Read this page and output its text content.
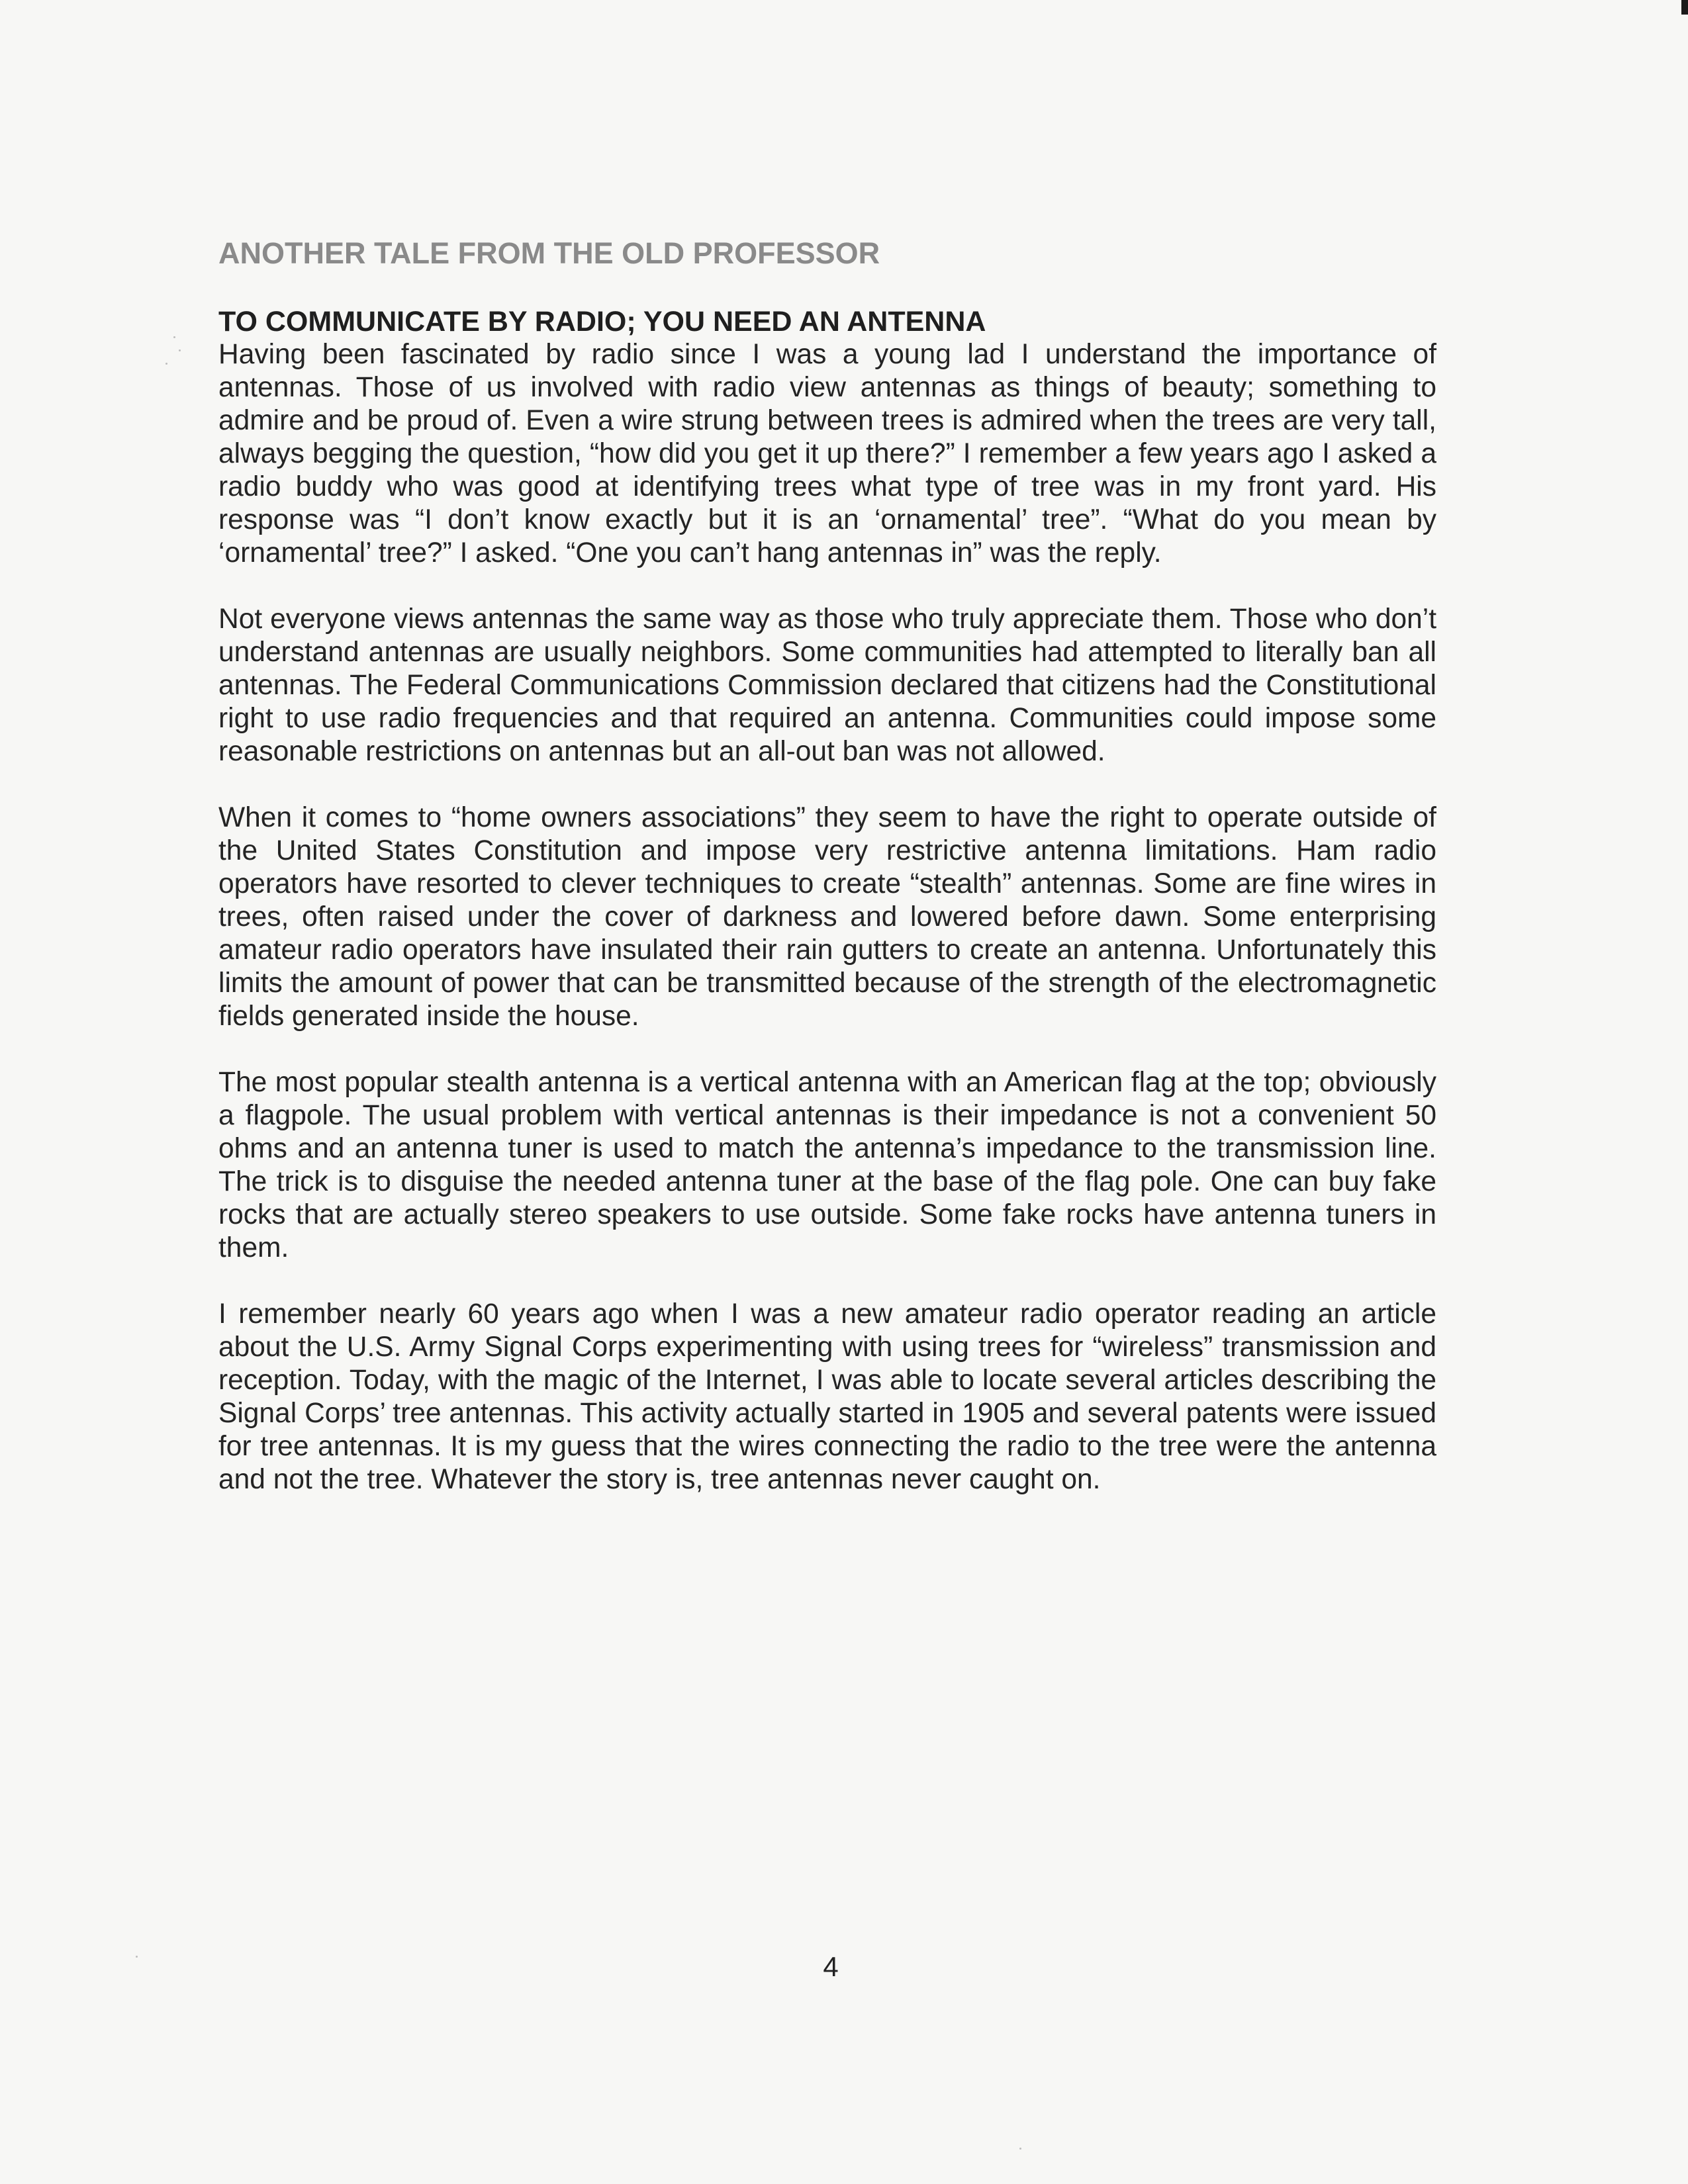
ANOTHER TALE FROM THE OLD PROFESSOR
TO COMMUNICATE BY RADIO; YOU NEED AN ANTENNA

Having been fascinated by radio since I was a young lad I understand the importance of antennas. Those of us involved with radio view antennas as things of beauty; something to admire and be proud of. Even a wire strung between trees is admired when the trees are very tall, always begging the question, “how did you get it up there?” I remember a few years ago I asked a radio buddy who was good at identifying trees what type of tree was in my front yard. His response was “I don’t know exactly but it is an ‘ornamental’ tree”. “What do you mean by ‘ornamental’ tree?” I asked. “One you can’t hang antennas in” was the reply.

Not everyone views antennas the same way as those who truly appreciate them. Those who don’t understand antennas are usually neighbors. Some communities had attempted to literally ban all antennas. The Federal Communications Commission declared that citizens had the Constitutional right to use radio frequencies and that required an antenna. Communities could impose some reasonable restrictions on antennas but an all-out ban was not allowed.

When it comes to “home owners associations” they seem to have the right to operate outside of the United States Constitution and impose very restrictive antenna limitations. Ham radio operators have resorted to clever techniques to create “stealth” antennas. Some are fine wires in trees, often raised under the cover of darkness and lowered before dawn. Some enterprising amateur radio operators have insulated their rain gutters to create an antenna. Unfortunately this limits the amount of power that can be transmitted because of the strength of the electromagnetic fields generated inside the house.

The most popular stealth antenna is a vertical antenna with an American flag at the top; obviously a flagpole. The usual problem with vertical antennas is their impedance is not a convenient 50 ohms and an antenna tuner is used to match the antenna’s impedance to the transmission line. The trick is to disguise the needed antenna tuner at the base of the flag pole. One can buy fake rocks that are actually stereo speakers to use outside. Some fake rocks have antenna tuners in them.

I remember nearly 60 years ago when I was a new amateur radio operator reading an article about the U.S. Army Signal Corps experimenting with using trees for “wireless” transmission and reception. Today, with the magic of the Internet, I was able to locate several articles describing the Signal Corps’ tree antennas. This activity actually started in 1905 and several patents were issued for tree antennas. It is my guess that the wires connecting the radio to the tree were the antenna and not the tree. Whatever the story is, tree antennas never caught on.

4
